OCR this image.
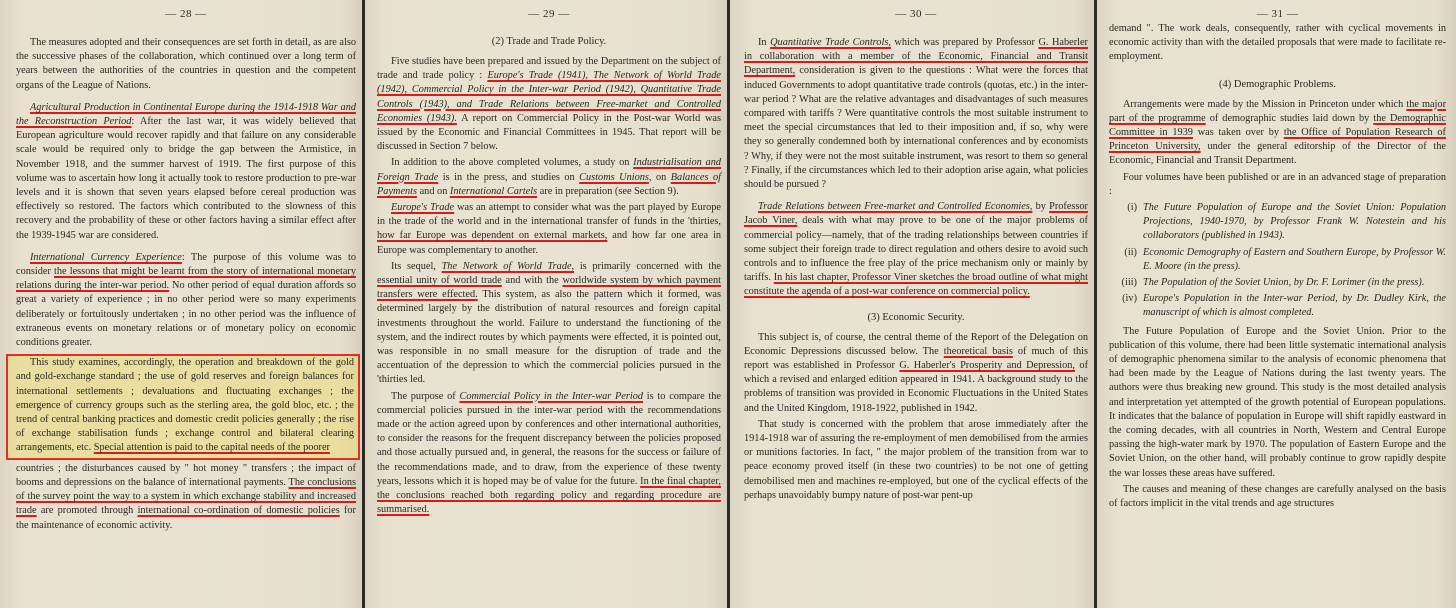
— 28 —

The measures adopted and their consequences are set forth in detail, as are also the successive phases of the collaboration, which continued over a long term of years between the authorities of the countries in question and the competent organs of the League of Nations.

Agricultural Production in Continental Europe during the 1914-1918 War and the Reconstruction Period: After the last war, it was widely believed that European agriculture would recover rapidly and that failure on any considerable scale would be required only to bridge the gap between the Armistice, in November 1918, and the summer harvest of 1919. The first purpose of this volume was to ascertain how long it actually took to restore production to pre-war levels and it is shown that seven years elapsed before cereal production was effectively so restored. The factors which contributed to the slowness of this recovery and the probability of these or other factors having a similar effect after the 1939-1945 war are considered.

International Currency Experience: The purpose of this volume was to consider the lessons that might be learnt from the story of international monetary relations during the inter-war period. No other period of equal duration affords so great a variety of experience ; in no other period were so many experiments deliberately or fortuitously undertaken ; in no other period was the influence of extraneous events on monetary relations or of monetary policy on economic conditions greater.

This study examines, accordingly, the operation and breakdown of the gold and gold-exchange standard ; the use of gold reserves and foreign balances for international settlements ; devaluations and fluctuating exchanges ; the emergence of currency groups such as the sterling area, the gold bloc, etc. ; the trend of central banking practices and domestic credit policies generally ; the rise of exchange stabilisation funds ; exchange control and bilateral clearing arrangements, etc. Special attention is paid to the capital needs of the poorer

countries ; the disturbances caused by " hot money " transfers ; the impact of booms and depressions on the balance of international payments. The conclusions of the survey point the way to a system in which exchange stability and increased trade are promoted through international co-ordination of domestic policies for the maintenance of economic activity.

— 29 —
(2) Trade and Trade Policy.

Five studies have been prepared and issued by the Department on the subject of trade and trade policy : Europe's Trade (1941), The Network of World Trade (1942), Commercial Policy in the Inter-war Period (1942), Quantitative Trade Controls (1943), and Trade Relations between Free-market and Controlled Economies (1943). A report on Commercial Policy in the Post-war World was issued by the Economic and Financial Committees in 1945. That report will be discussed in Section 7 below.

In addition to the above completed volumes, a study on Industrialisation and Foreign Trade is in the press, and studies on Customs Unions, on Balances of Payments and on International Cartels are in preparation (see Section 9).

Europe's Trade was an attempt to consider what was the part played by Europe in the trade of the world and in the international transfer of funds in the 'thirties, how far Europe was dependent on external markets, and how far one area in Europe was complementary to another.

Its sequel, The Network of World Trade, is primarily concerned with the essential unity of world trade and with the worldwide system by which payment transfers were effected. This system, as also the pattern which it formed, was determined largely by the distribution of natural resources and foreign capital investments throughout the world. Failure to understand the functioning of the system, and the indirect routes by which payments were effected, it is pointed out, was responsible in no small measure for the disruption of trade and the accentuation of the depression to which the commercial policies pursued in the 'thirties led.

The purpose of Commercial Policy in the Inter-war Period is to compare the commercial policies pursued in the inter-war period with the recommendations made or the action agreed upon by conferences and other international authorities, to consider the reasons for the frequent discrepancy between the policies proposed and those actually pursued and, in general, the reasons for the success or failure of the recommendations made, and to draw, from the experience of these twenty years, lessons which it is hoped may be of value for the future. In the final chapter, the conclusions reached both regarding policy and regarding procedure are summarised.

— 30 —

In Quantitative Trade Controls, which was prepared by Professor G. Haberler in collaboration with a member of the Economic, Financial and Transit Department, consideration is given to the questions : What were the forces that induced Governments to adopt quantitative trade controls (quotas, etc.) in the inter-war period ? What are the relative advantages and disadvantages of such measures compared with tariffs ? Were quantitative controls the most suitable instrument to meet the special circumstances that led to their imposition and, if so, why were they so generally condemned both by international conferences and by economists ? Why, if they were not the most suitable instrument, was resort to them so general ? Finally, if the circumstances which led to their adoption arise again, what policies should be pursued ?

Trade Relations between Free-market and Controlled Economies, by Professor Jacob Viner, deals with what may prove to be one of the major problems of commercial policy—namely, that of the trading relationships between countries if some subject their foreign trade to direct regulation and others desire to avoid such controls and to influence the free play of the price mechanism only or mainly by tariffs. In his last chapter, Professor Viner sketches the broad outline of what might constitute the agenda of a post-war conference on commercial policy.

(3) Economic Security.

This subject is, of course, the central theme of the Report of the Delegation on Economic Depressions discussed below. The theoretical basis of much of this report was established in Professor G. Haberler's Prosperity and Depression, of which a revised and enlarged edition appeared in 1941. A background study to the problems of transition was provided in Economic Fluctuations in the United States and the United Kingdom, 1918-1922, published in 1942.

That study is concerned with the problem that arose immediately after the 1914-1918 war of assuring the re-employment of men demobilised from the armies or munitions factories. In fact, " the major problem of the transition from war to peace economy proved itself (in these two countries) to be not one of getting demobilised men and machines re-employed, but one of the cyclical effects of the perhaps unavoidably bumpy nature of post-war pent-up

— 31 —

demand ". The work deals, consequently, rather with cyclical movements in economic activity than with the detailed proposals that were made to facilitate re-employment.

(4) Demographic Problems.

Arrangements were made by the Mission in Princeton under which the major part of the programme of demographic studies laid down by the Demographic Committee in 1939 was taken over by the Office of Population Research of Princeton University, under the general editorship of the Director of the Economic, Financial and Transit Department.

Four volumes have been published or are in an advanced stage of preparation :

(i) The Future Population of Europe and the Soviet Union: Population Projections, 1940-1970, by Professor Frank W. Notestein and his collaborators (published in 1943).
(ii) Economic Demography of Eastern and Southern Europe, by Professor W. E. Moore (in the press).
(iii) The Population of the Soviet Union, by Dr. F. Lorimer (in the press).
(iv) Europe's Population in the Inter-war Period, by Dr. Dudley Kirk, the manuscript of which is almost completed.

The Future Population of Europe and the Soviet Union. Prior to the publication of this volume, there had been little systematic international analysis of demographic phenomena similar to the analysis of economic phenomena that had been made by the League of Nations during the last twenty years. The authors were thus breaking new ground. This study is the most detailed analysis and interpretation yet attempted of the growth potential of European populations. It indicates that the balance of population in Europe will shift rapidly eastward in the coming decades, with all countries in North, Western and Central Europe passing the high-water mark by 1970. The population of Eastern Europe and the Soviet Union, on the other hand, will probably continue to grow rapidly despite the war losses these areas have suffered.

The causes and meaning of these changes are carefully analysed on the basis of factors implicit in the vital trends and age structures
